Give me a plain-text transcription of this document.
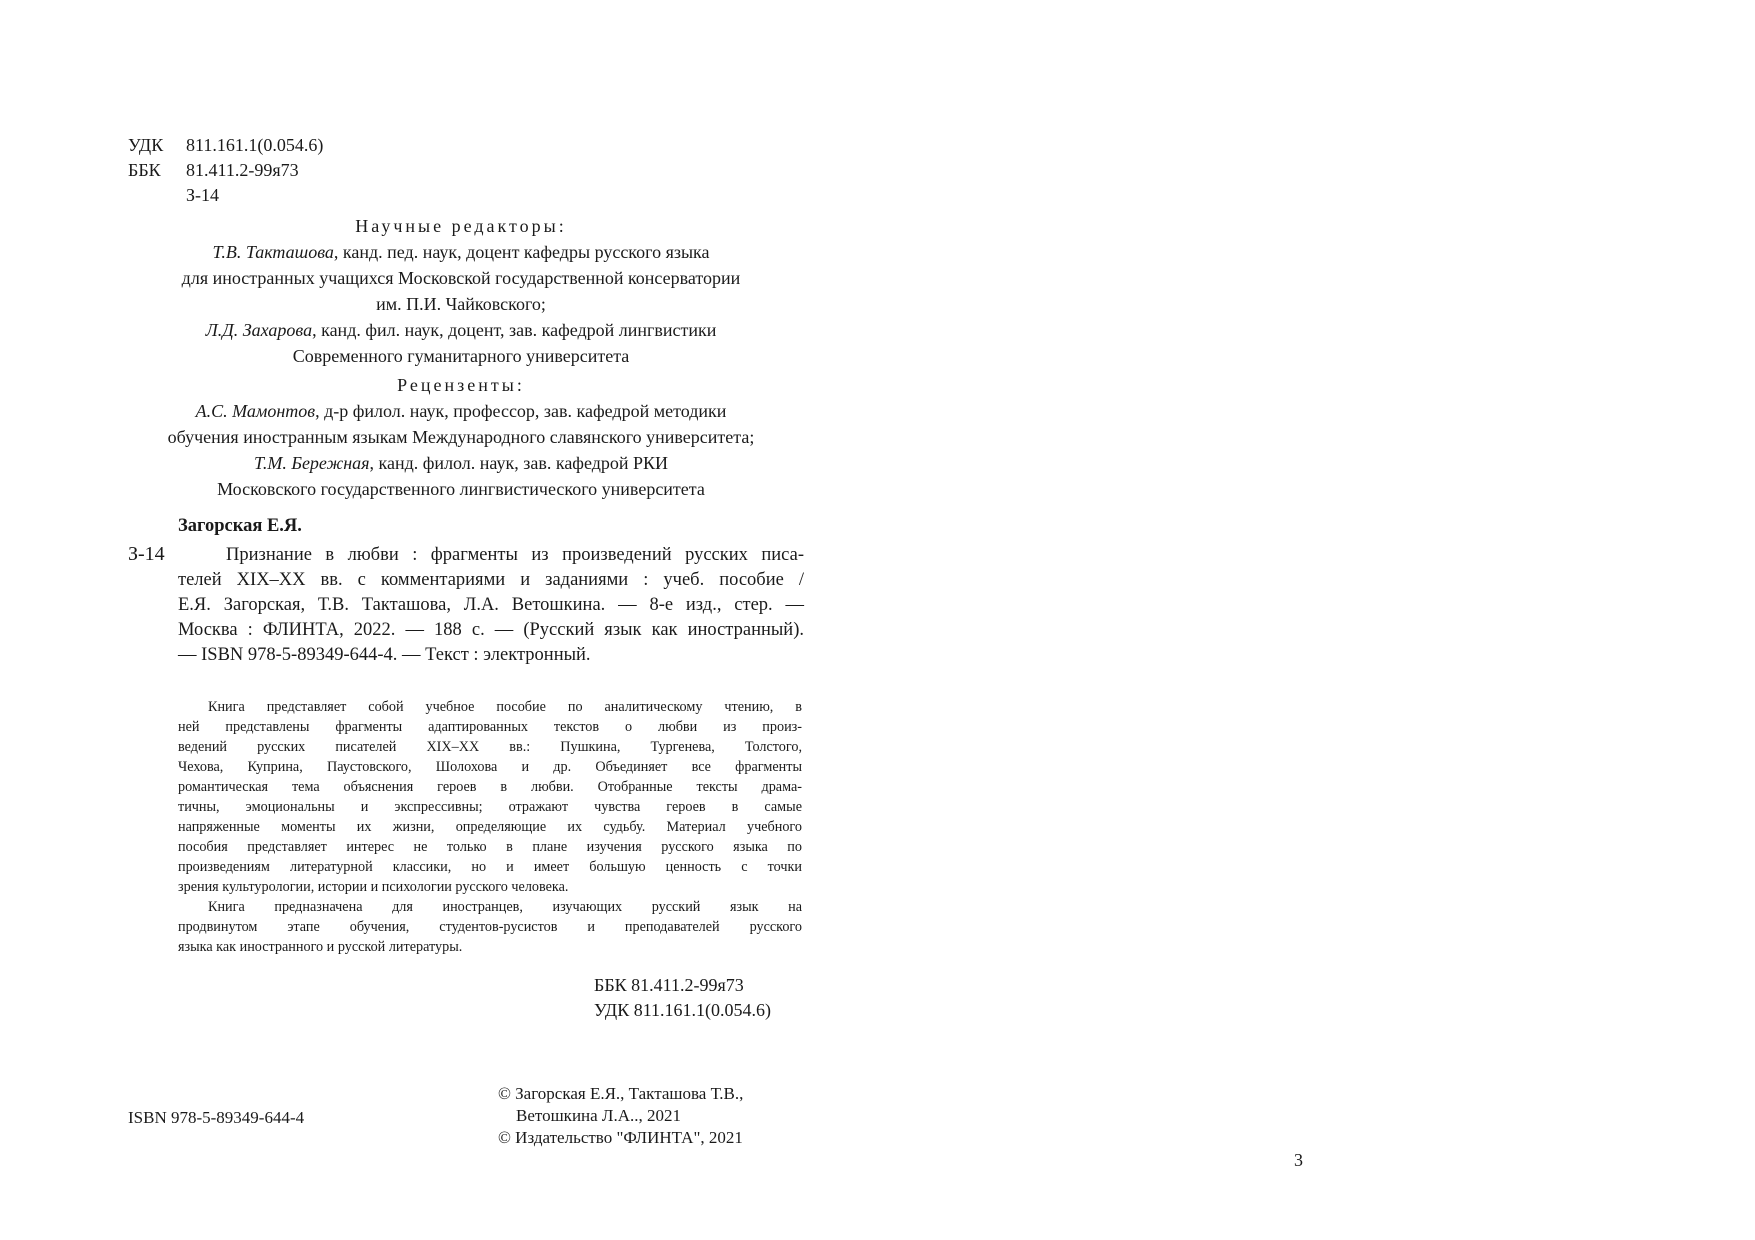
УДК 811.161.1(0.054.6)
ББК 81.411.2-99я73
З-14
Научные редакторы:
Т.В. Такташова, канд. пед. наук, доцент кафедры русского языка
для иностранных учащихся Московской государственной консерватории
им. П.И. Чайковского;
Л.Д. Захарова, канд. фил. наук, доцент, зав. кафедрой лингвистики
Современного гуманитарного университета
Рецензенты:
А.С. Мамонтов, д-р филол. наук, профессор, зав. кафедрой методики
обучения иностранным языкам Международного славянского университета;
Т.М. Бережная, канд. филол. наук, зав. кафедрой РКИ
Московского государственного лингвистического университета
Загорская Е.Я.
З-14	Признание в любви : фрагменты из произведений русских писа-
телей XIX–XX вв. с комментариями и заданиями : учеб. пособие /
Е.Я. Загорская, Т.В. Такташова, Л.А. Ветошкина. — 8-е изд., стер. —
Москва : ФЛИНТА, 2022. — 188 с. — (Русский язык как иностранный).
— ISBN 978-5-89349-644-4. — Текст : электронный.
Книга представляет собой учебное пособие по аналитическому чтению, в
ней представлены фрагменты адаптированных текстов о любви из произ-
ведений русских писателей XIX–XX вв.: Пушкина, Тургенева, Толстого,
Чехова, Куприна, Паустовского, Шолохова и др. Объединяет все фрагменты
романтическая тема объяснения героев в любви. Отобранные тексты драма-
тичны, эмоциональны и экспрессивны; отражают чувства героев в самые
напряженные моменты их жизни, определяющие их судьбу. Материал учебного
пособия представляет интерес не только в плане изучения русского языка по
произведениям литературной классики, но и имеет большую ценность с точки
зрения культурологии, истории и психологии русского человека.
Книга предназначена для иностранцев, изучающих русский язык на
продвинутом этапе обучения, студентов-русистов и преподавателей русского
языка как иностранного и русской литературы.
ББК 81.411.2-99я73
УДК 811.161.1(0.054.6)
ISBN 978-5-89349-644-4
© Загорская Е.Я., Такташова Т.В.,
Ветошкина Л.А.., 2021
© Издательство "ФЛИНТА", 2021
3
